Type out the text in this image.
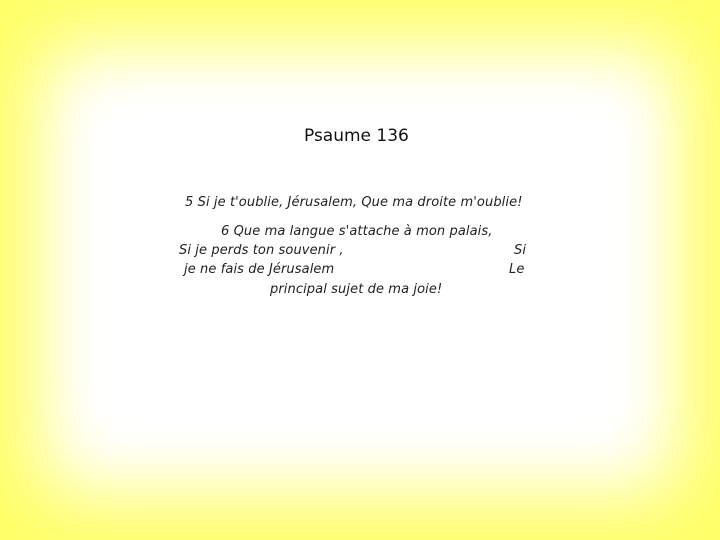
Psaume 136
5 Si je t'oublie, Jérusalem, Que ma droite m'oublie!
6 Que ma langue s'attache à mon palais,
Si je perds ton souvenir ,	Si
je ne fais de Jérusalem	Le
principal sujet de ma joie!
